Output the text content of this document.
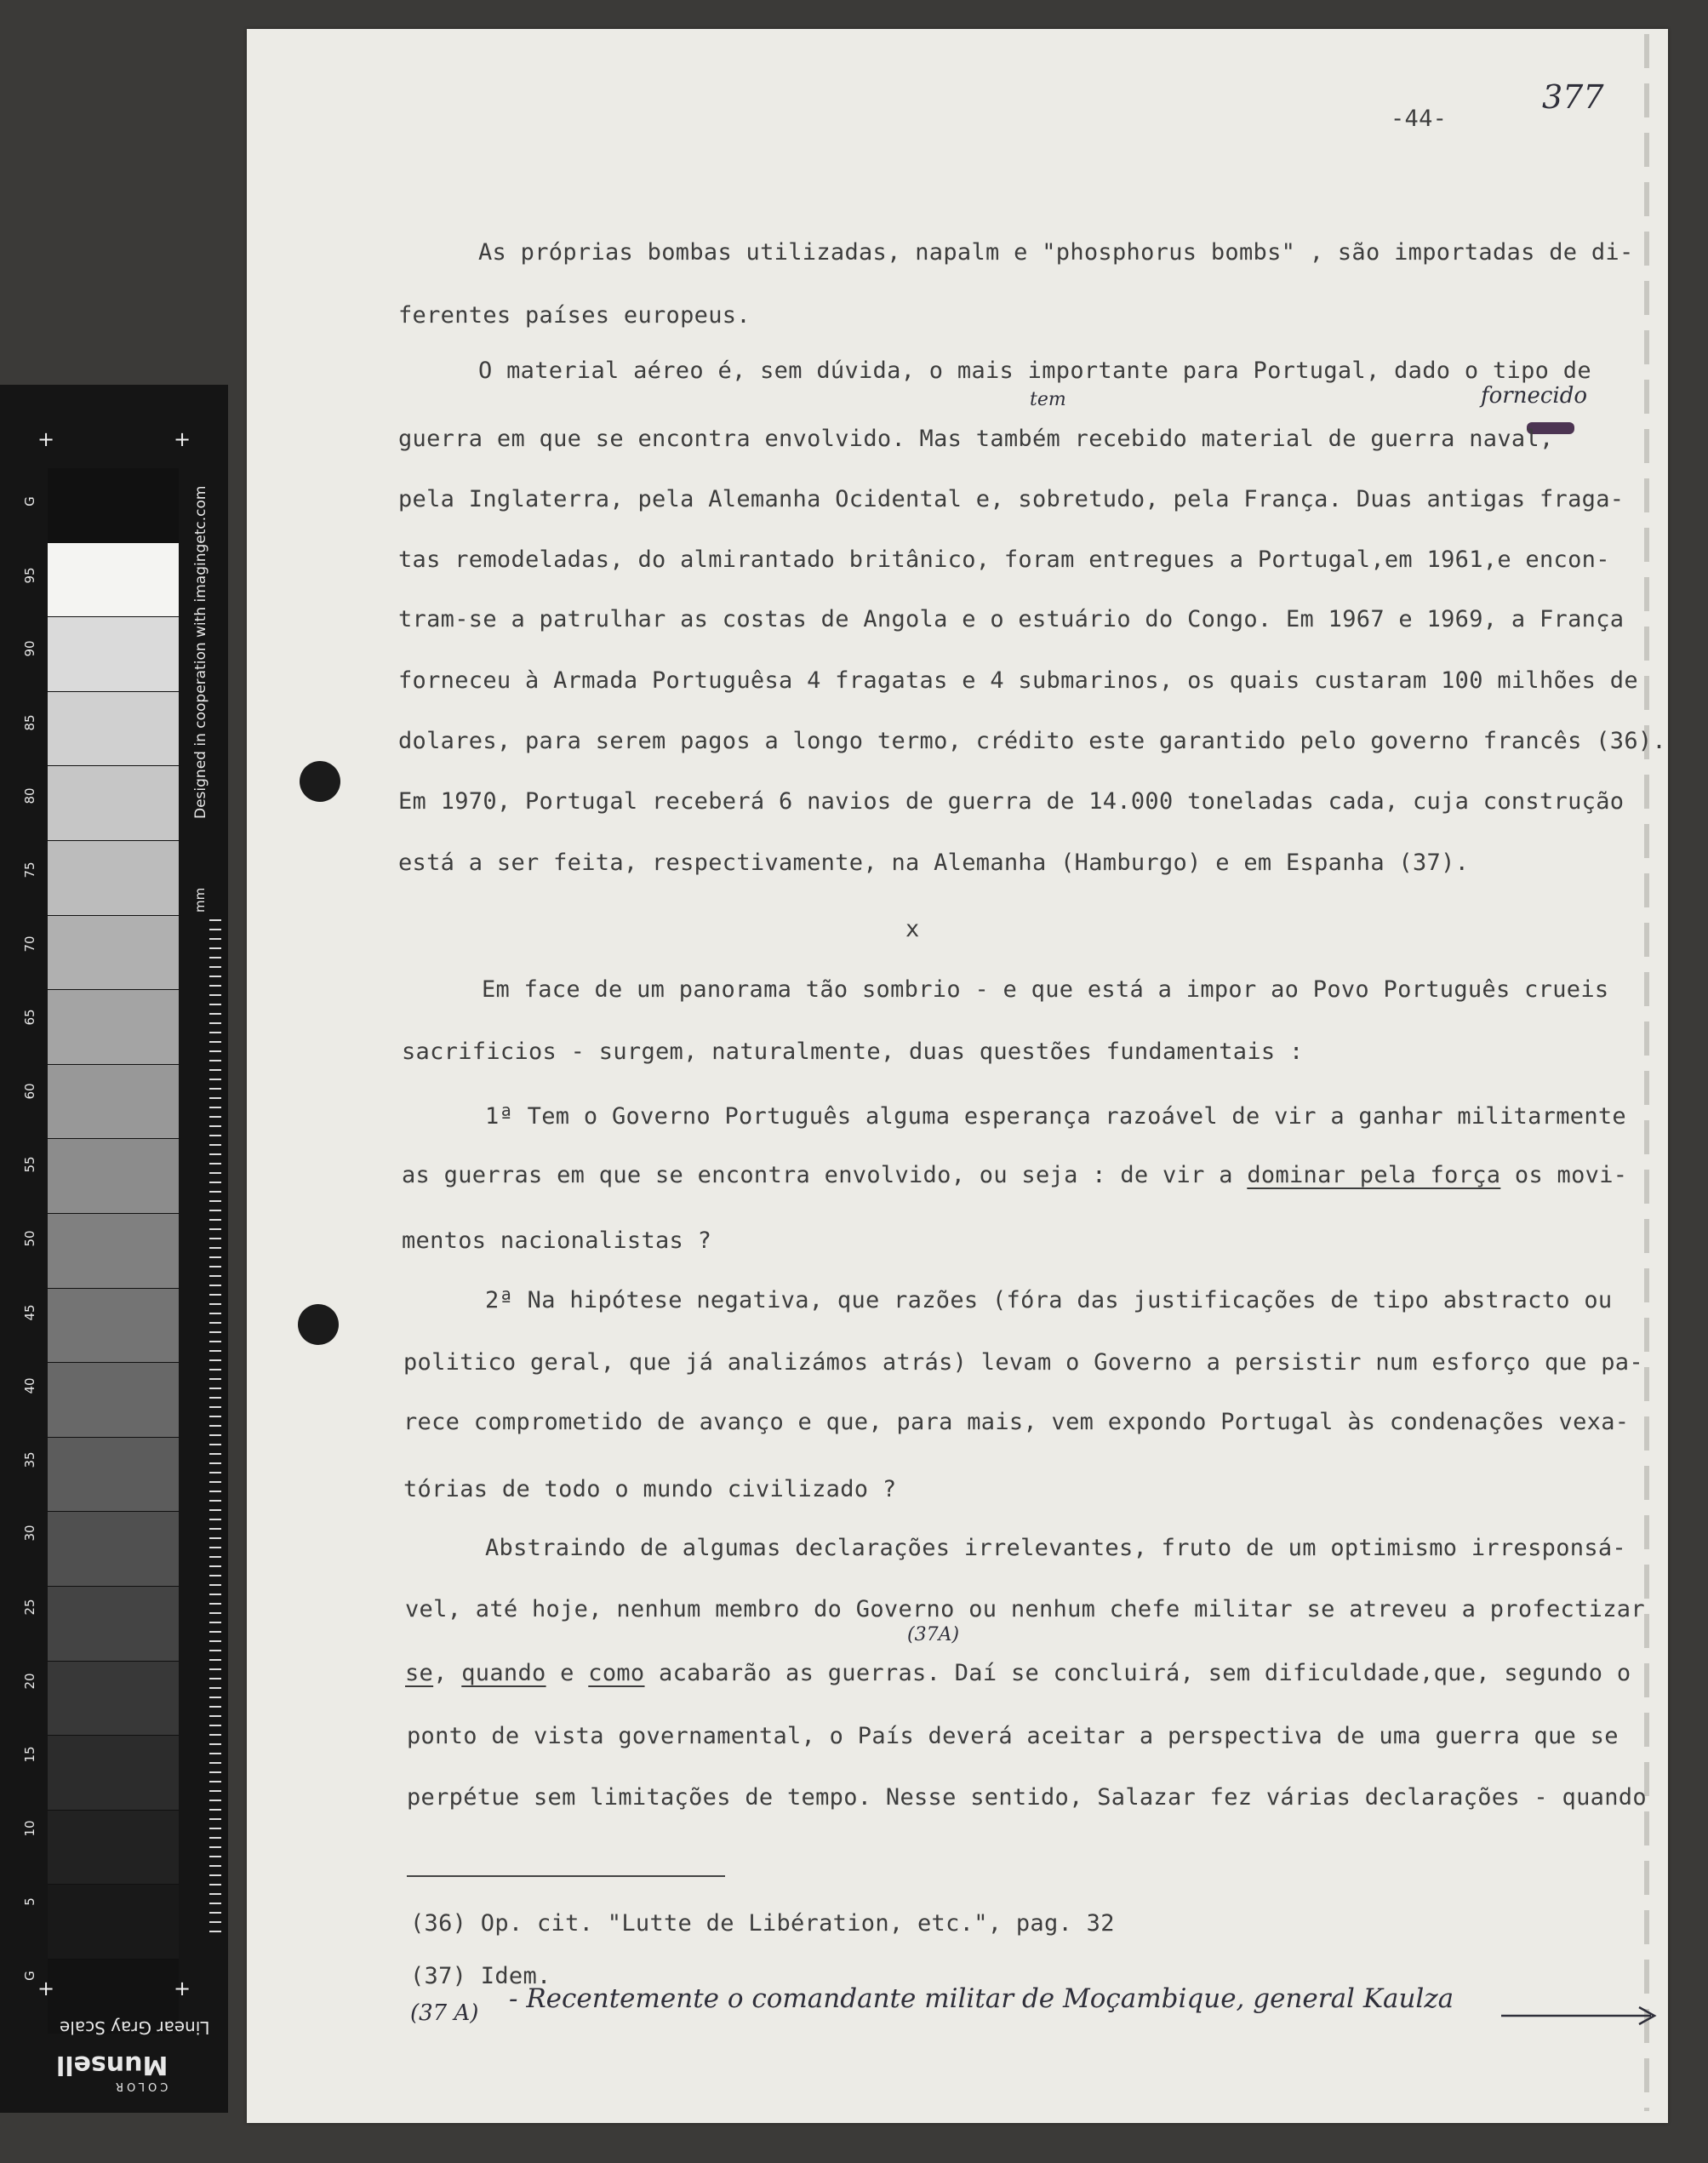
G
95
90
85
80
75
70
65
60
55
50
45
40
35
30
25
20
15
10
5
G
+	+
+	+
Designed in cooperation with imagingetc.com
mm
Linear Gray Scale
COLOR
Munsell
-44-
377
As próprias bombas utilizadas, napalm e "phosphorus bombs" , são importadas de di-
ferentes países europeus.
O material aéreo é, sem dúvida, o mais importante para Portugal, dado o tipo de
tem	fornecido
guerra em que se encontra envolvido. Mas também recebido material de guerra naval,
pela Inglaterra, pela Alemanha Ocidental e, sobretudo, pela França. Duas antigas fraga-
tas remodeladas, do almirantado britânico, foram entregues a Portugal,em 1961,e encon-
tram-se a patrulhar as costas de Angola e o estuário do Congo. Em 1967 e 1969, a França
forneceu à Armada Portuguêsa 4 fragatas e 4 submarinos, os quais custaram 100 milhões de
dolares, para serem pagos a longo termo, crédito este garantido pelo governo francês (36).
Em 1970, Portugal receberá 6 navios de guerra de 14.000 toneladas cada, cuja construção
está a ser feita, respectivamente, na Alemanha (Hamburgo) e em Espanha (37).
x
Em face de um panorama tão sombrio - e que está a impor ao Povo Português crueis
sacrificios - surgem, naturalmente, duas questões fundamentais :
1ª Tem o Governo Português alguma esperança razoável de vir a ganhar militarmente
as guerras em que se encontra envolvido, ou seja : de vir a dominar pela força os movi-
mentos nacionalistas ?
2ª Na hipótese negativa, que razões (fóra das justificações de tipo abstracto ou
politico geral, que já analizámos atrás) levam o Governo a persistir num esforço que pa-
rece comprometido de avanço e que, para mais, vem expondo Portugal às condenações vexa-
tórias de todo o mundo civilizado ?
Abstraindo de algumas declarações irrelevantes, fruto de um optimismo irresponsá-
vel, até hoje, nenhum membro do Governo ou nenhum chefe militar se atreveu a profectizar
(37A)
se, quando e como acabarão as guerras. Daí se concluirá, sem dificuldade,que, segundo o
ponto de vista governamental, o País deverá aceitar a perspectiva de uma guerra que se
perpétue sem limitações de tempo. Nesse sentido, Salazar fez várias declarações - quando
(36) Op. cit. "Lutte de Libération, etc.", pag. 32
(37) Idem.
(37 A) - Recentemente o comandante militar de Moçambique, general Kaulza
